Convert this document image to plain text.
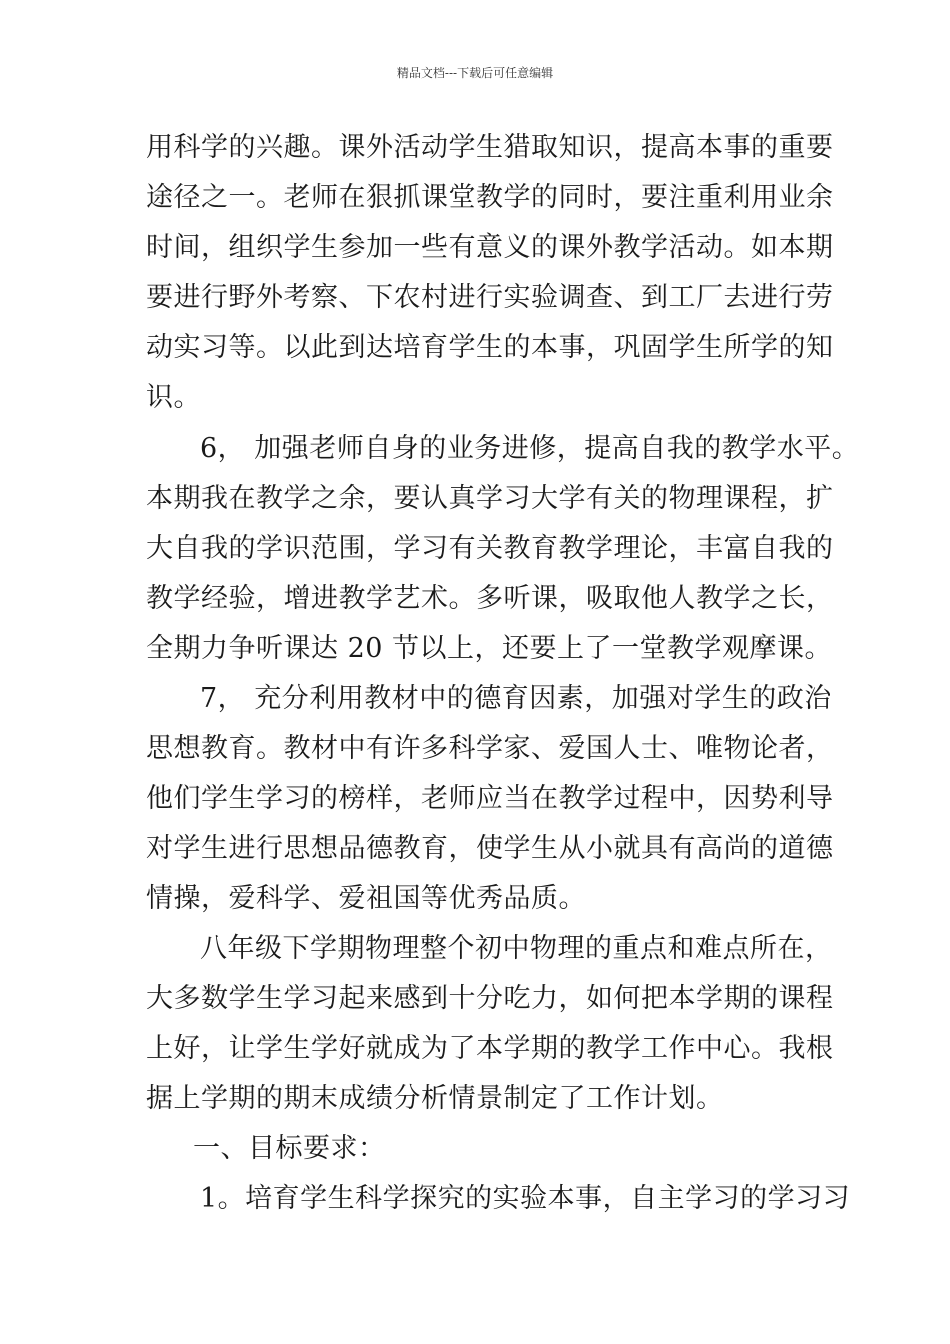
精品文档---下载后可任意编辑
用科学的兴趣。课外活动学生猎取知识，提高本事的重要
途径之一。老师在狠抓课堂教学的同时，要注重利用业余
时间，组织学生参加一些有意义的课外教学活动。如本期
要进行野外考察、下农村进行实验调查、到工厂去进行劳
动实习等。以此到达培育学生的本事，巩固学生所学的知
识。
6， 加强老师自身的业务进修，提高自我的教学水平。
本期我在教学之余，要认真学习大学有关的物理课程，扩
大自我的学识范围，学习有关教育教学理论，丰富自我的
教学经验，增进教学艺术。多听课，吸取他人教学之长，
全期力争听课达 20 节以上，还要上了一堂教学观摩课。
7， 充分利用教材中的德育因素，加强对学生的政治
思想教育。教材中有许多科学家、爱国人士、唯物论者，
他们学生学习的榜样，老师应当在教学过程中，因势利导
对学生进行思想品德教育，使学生从小就具有高尚的道德
情操，爱科学、爱祖国等优秀品质。
八年级下学期物理整个初中物理的重点和难点所在，
大多数学生学习起来感到十分吃力，如何把本学期的课程
上好，让学生学好就成为了本学期的教学工作中心。我根
据上学期的期末成绩分析情景制定了工作计划。
一、目标要求：
1。培育学生科学探究的实验本事，自主学习的学习习
